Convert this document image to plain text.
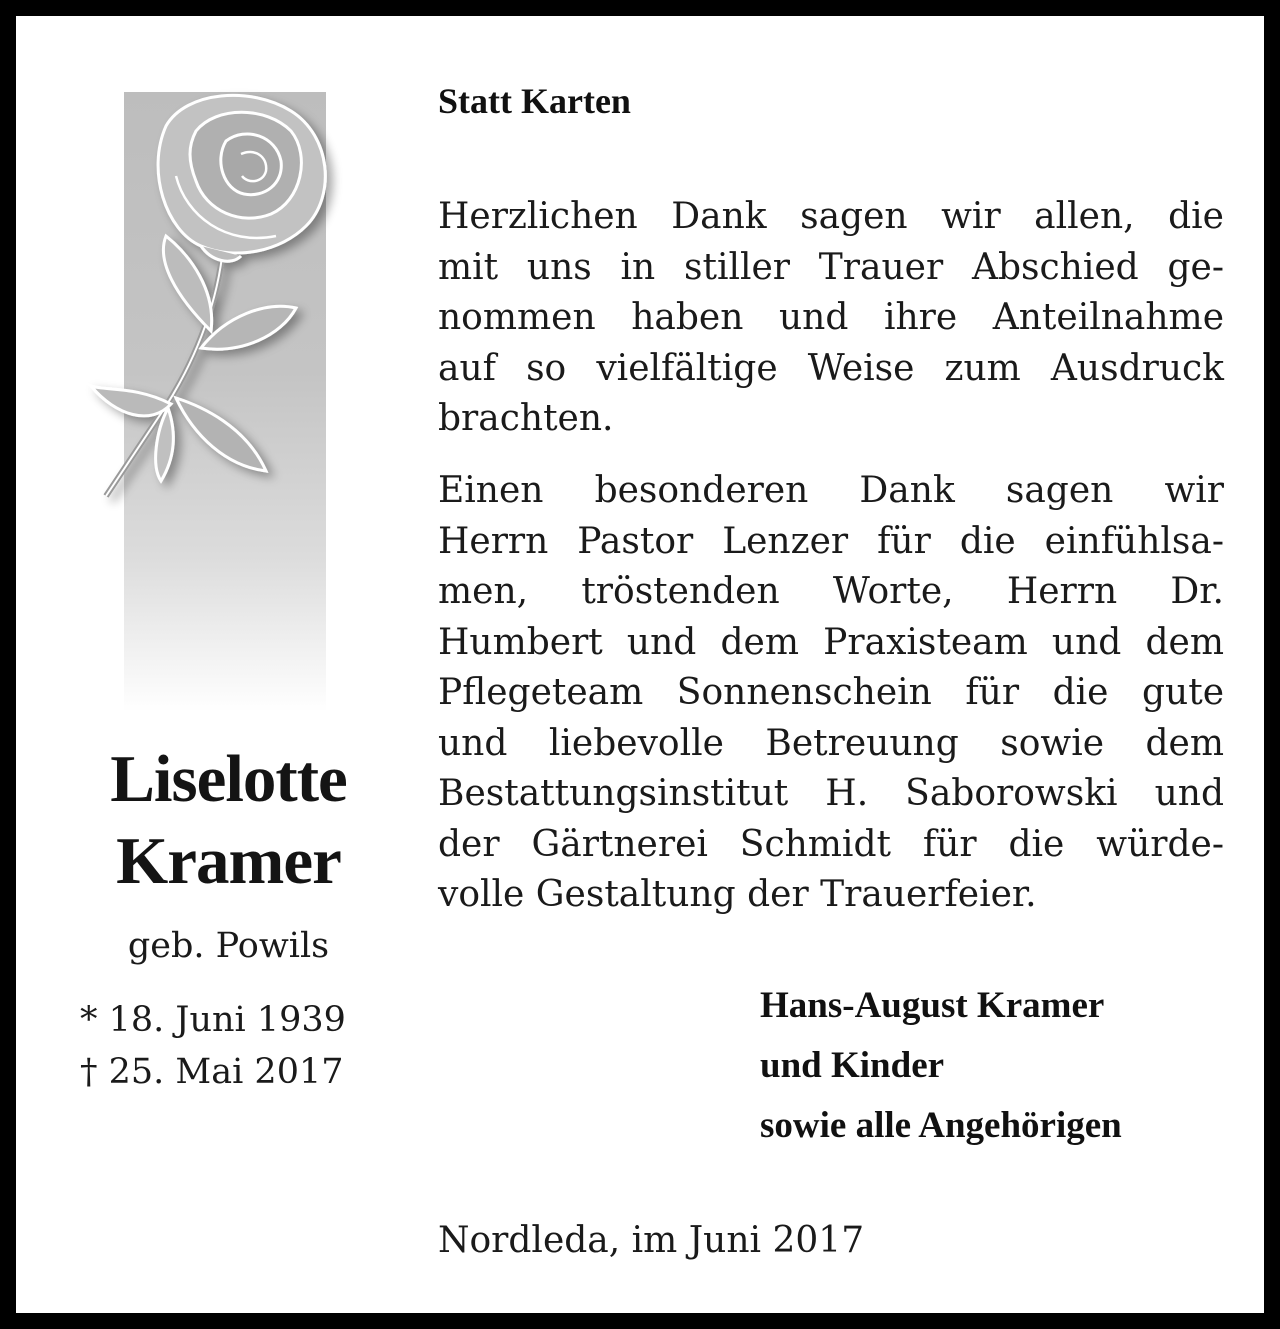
Liselotte
Kramer
geb. Powils
* 18. Juni 1939
† 25. Mai 2017
Statt Karten
Herzlichen Dank sagen wir allen, die
mit uns in stiller Trauer Abschied ge-
nommen haben und ihre Anteilnahme
auf so vielfältige Weise zum Ausdruck
brachten.
Einen besonderen Dank sagen wir
Herrn Pastor Lenzer für die einfühlsa-
men, tröstenden Worte, Herrn Dr.
Humbert und dem Praxisteam und dem
Pflegeteam Sonnenschein für die gute
und liebevolle Betreuung sowie dem
Bestattungsinstitut H. Saborowski und
der Gärtnerei Schmidt für die würde-
volle Gestaltung der Trauerfeier.
Hans-August Kramer
und Kinder
sowie alle Angehörigen
Nordleda, im Juni 2017
